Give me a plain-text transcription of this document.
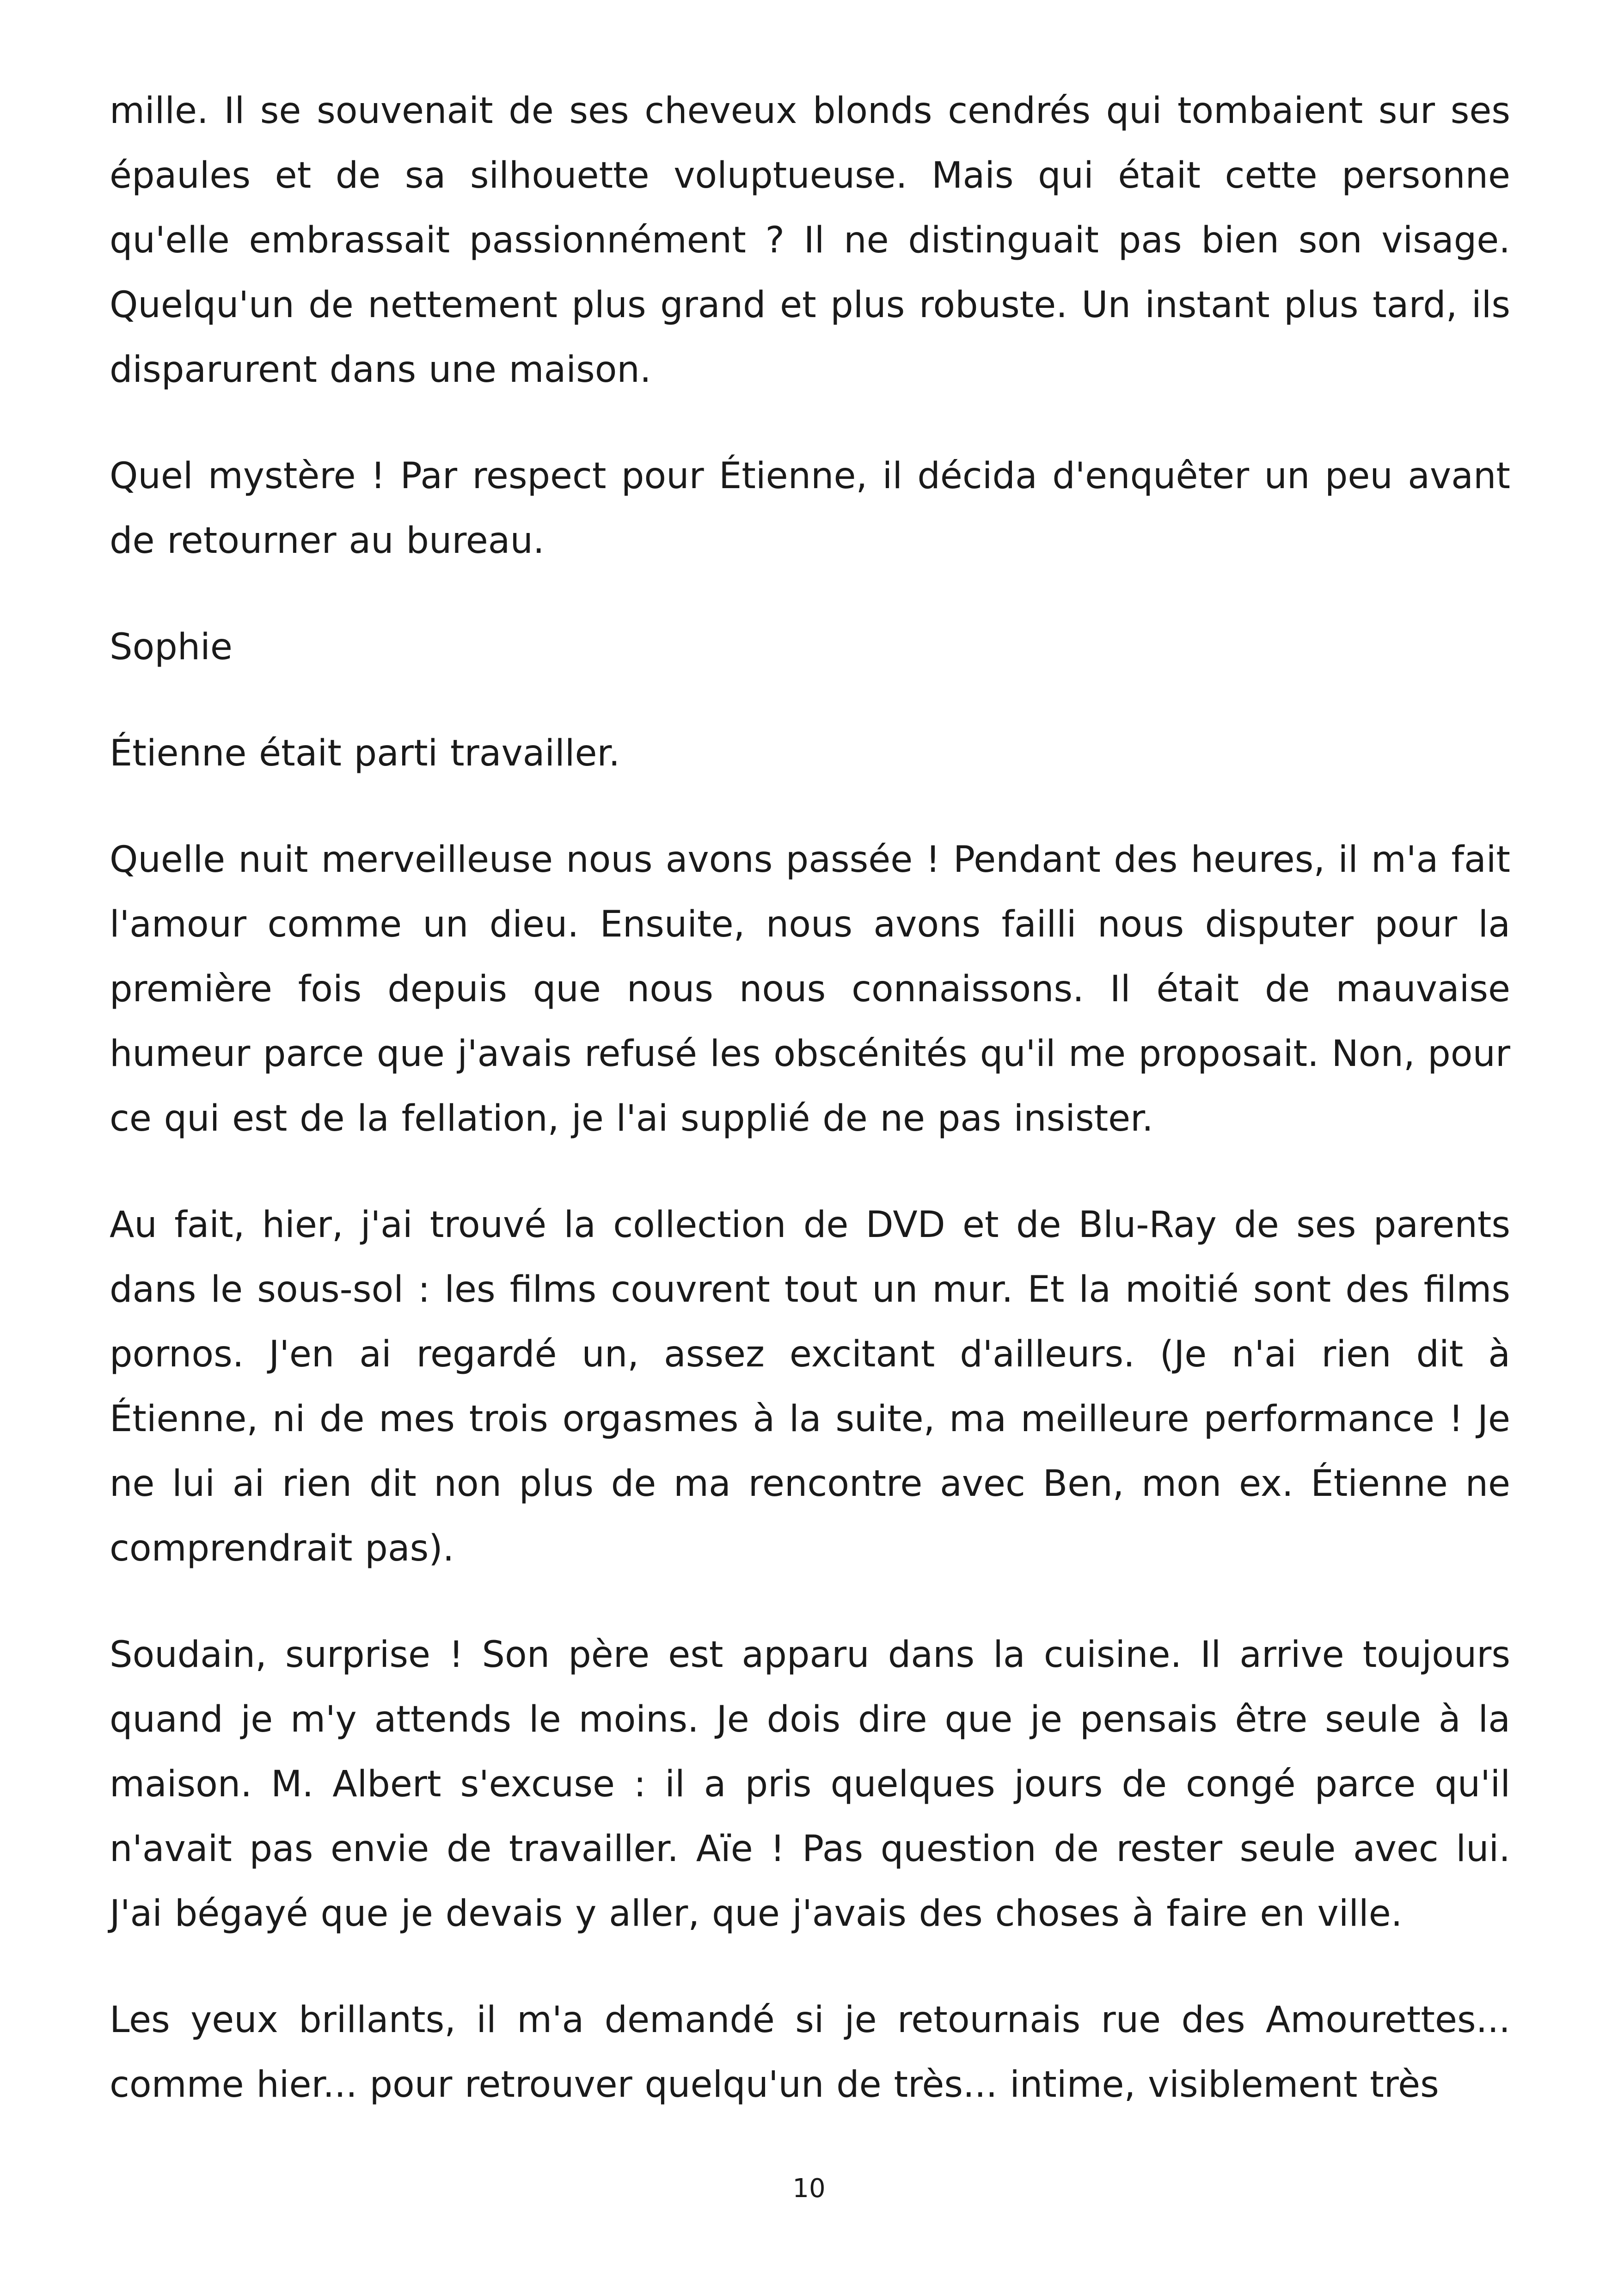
mille. Il se souvenait de ses cheveux blonds cendrés qui tombaient sur ses épaules et de sa silhouette voluptueuse. Mais qui était cette personne qu'elle embrassait passionnément ? Il ne distinguait pas bien son visage. Quelqu'un de nettement plus grand et plus robuste. Un instant plus tard, ils disparurent dans une maison.

Quel mystère ! Par respect pour Étienne, il décida d'enquêter un peu avant de retourner au bureau.

Sophie

Étienne était parti travailler.

Quelle nuit merveilleuse nous avons passée ! Pendant des heures, il m'a fait l'amour comme un dieu. Ensuite, nous avons failli nous disputer pour la première fois depuis que nous nous connaissons. Il était de mauvaise humeur parce que j'avais refusé les obscénités qu'il me proposait. Non, pour ce qui est de la fellation, je l'ai supplié de ne pas insister.

Au fait, hier, j'ai trouvé la collection de DVD et de Blu-Ray de ses parents dans le sous-sol : les films couvrent tout un mur. Et la moitié sont des films pornos. J'en ai regardé un, assez excitant d'ailleurs. (Je n'ai rien dit à Étienne, ni de mes trois orgasmes à la suite, ma meilleure performance ! Je ne lui ai rien dit non plus de ma rencontre avec Ben, mon ex. Étienne ne comprendrait pas).

Soudain, surprise ! Son père est apparu dans la cuisine. Il arrive toujours quand je m'y attends le moins. Je dois dire que je pensais être seule à la maison. M. Albert s'excuse : il a pris quelques jours de congé parce qu'il n'avait pas envie de travailler. Aïe ! Pas question de rester seule avec lui. J'ai bégayé que je devais y aller, que j'avais des choses à faire en ville.

Les yeux brillants, il m'a demandé si je retournais rue des Amourettes... comme hier... pour retrouver quelqu'un de très... intime, visiblement très

10
